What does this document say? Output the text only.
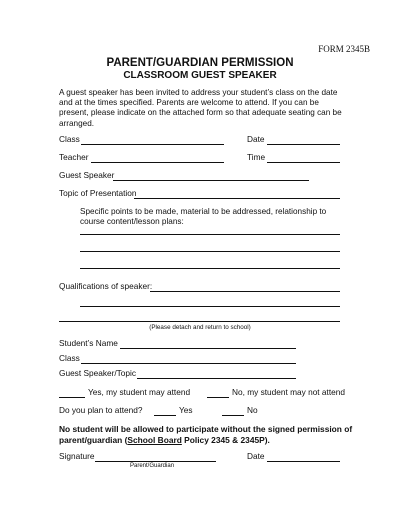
FORM 2345B
PARENT/GUARDIAN PERMISSION
CLASSROOM GUEST SPEAKER
A guest speaker has been invited to address your student’s class on the date and at the times specified. Parents are welcome to attend. If you can be present, please indicate on the attached form so that adequate seating can be arranged.
Class	Date
Teacher	Time
Guest Speaker
Topic of Presentation
Specific points to be made, material to be addressed, relationship to course content/lesson plans:
Qualifications of speaker:
(Please detach and return to school)
Student’s Name
Class
Guest Speaker/Topic
Yes, my student may attend	No, my student may not attend
Do you plan to attend?	Yes	No
No student will be allowed to participate without the signed permission of parent/guardian (School Board Policy 2345 & 2345P).
Signature
Parent/Guardian
Date
